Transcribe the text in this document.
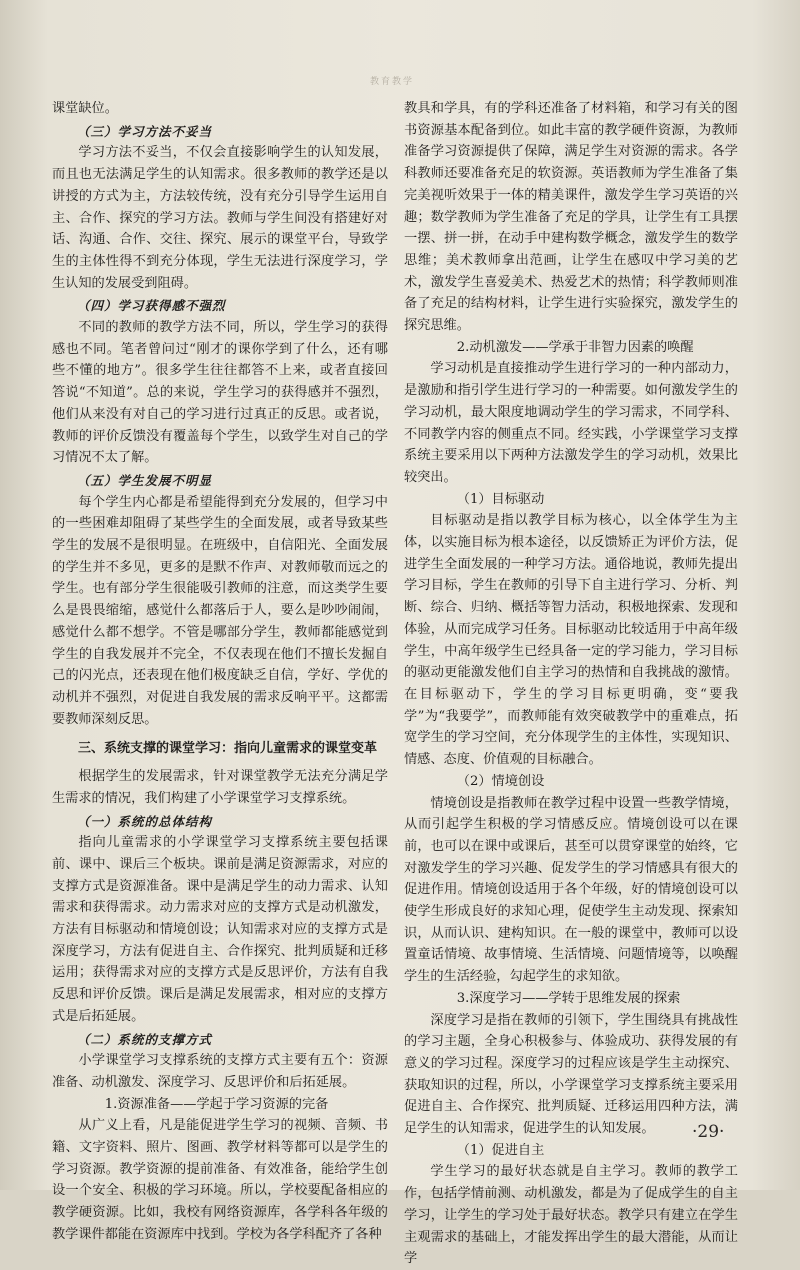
教育教学

课堂缺位。

（三）学习方法不妥当

学习方法不妥当，不仅会直接影响学生的认知发展，而且也无法满足学生的认知需求。很多教师的教学还是以讲授的方式为主，方法较传统，没有充分引导学生运用自主、合作、探究的学习方法。教师与学生间没有搭建好对话、沟通、合作、交往、探究、展示的课堂平台，导致学生的主体性得不到充分体现，学生无法进行深度学习，学生认知的发展受到阻碍。

（四）学习获得感不强烈

不同的教师的教学方法不同，所以，学生学习的获得感也不同。笔者曾问过“刚才的课你学到了什么，还有哪些不懂的地方”。很多学生往往都答不上来，或者直接回答说“不知道”。总的来说，学生学习的获得感并不强烈，他们从来没有对自己的学习进行过真正的反思。或者说，教师的评价反馈没有覆盖每个学生，以致学生对自己的学习情况不太了解。

（五）学生发展不明显

每个学生内心都是希望能得到充分发展的，但学习中的一些困难却阻碍了某些学生的全面发展，或者导致某些学生的发展不是很明显。在班级中，自信阳光、全面发展的学生并不多见，更多的是默不作声、对教师敬而远之的学生。也有部分学生很能吸引教师的注意，而这类学生要么是畏畏缩缩，感觉什么都落后于人，要么是吵吵闹闹，感觉什么都不想学。不管是哪部分学生，教师都能感觉到学生的自我发展并不完全，不仅表现在他们不擅长发掘自己的闪光点，还表现在他们极度缺乏自信，学好、学优的动机并不强烈，对促进自我发展的需求反响平平。这都需要教师深刻反思。

三、系统支撑的课堂学习：指向儿童需求的课堂变革

根据学生的发展需求，针对课堂教学无法充分满足学生需求的情况，我们构建了小学课堂学习支撑系统。

（一）系统的总体结构

指向儿童需求的小学课堂学习支撑系统主要包括课前、课中、课后三个板块。课前是满足资源需求，对应的支撑方式是资源准备。课中是满足学生的动力需求、认知需求和获得需求。动力需求对应的支撑方式是动机激发，方法有目标驱动和情境创设；认知需求对应的支撑方式是深度学习，方法有促进自主、合作探究、批判质疑和迁移运用；获得需求对应的支撑方式是反思评价，方法有自我反思和评价反馈。课后是满足发展需求，相对应的支撑方式是后拓延展。

（二）系统的支撑方式

小学课堂学习支撑系统的支撑方式主要有五个：资源准备、动机激发、深度学习、反思评价和后拓延展。

1.资源准备——学起于学习资源的完备

从广义上看，凡是能促进学生学习的视频、音频、书籍、文字资料、照片、图画、教学材料等都可以是学生的学习资源。教学资源的提前准备、有效准备，能给学生创设一个安全、积极的学习环境。所以，学校要配备相应的教学硬资源。比如，我校有网络资源库，各学科各年级的教学课件都能在资源库中找到。学校为各学科配齐了各种

教具和学具，有的学科还准备了材料箱，和学习有关的图书资源基本配备到位。如此丰富的教学硬件资源，为教师准备学习资源提供了保障，满足学生对资源的需求。各学科教师还要准备充足的软资源。英语教师为学生准备了集完美视听效果于一体的精美课件，激发学生学习英语的兴趣；数学教师为学生准备了充足的学具，让学生有工具摆一摆、拼一拼，在动手中建构数学概念，激发学生的数学思维；美术教师拿出范画，让学生在感叹中学习美的艺术，激发学生喜爱美术、热爱艺术的热情；科学教师则准备了充足的结构材料，让学生进行实验探究，激发学生的探究思维。

2.动机激发——学承于非智力因素的唤醒

学习动机是直接推动学生进行学习的一种内部动力，是激励和指引学生进行学习的一种需要。如何激发学生的学习动机，最大限度地调动学生的学习需求，不同学科、不同教学内容的侧重点不同。经实践，小学课堂学习支撑系统主要采用以下两种方法激发学生的学习动机，效果比较突出。

（1）目标驱动

目标驱动是指以教学目标为核心，以全体学生为主体，以实施目标为根本途径，以反馈矫正为评价方法，促进学生全面发展的一种学习方法。通俗地说，教师先提出学习目标，学生在教师的引导下自主进行学习、分析、判断、综合、归纳、概括等智力活动，积极地探索、发现和体验，从而完成学习任务。目标驱动比较适用于中高年级学生，中高年级学生已经具备一定的学习能力，学习目标的驱动更能激发他们自主学习的热情和自我挑战的激情。在目标驱动下，学生的学习目标更明确，变“要我学”为“我要学”，而教师能有效突破教学中的重难点，拓宽学生的学习空间，充分体现学生的主体性，实现知识、情感、态度、价值观的目标融合。

（2）情境创设

情境创设是指教师在教学过程中设置一些教学情境，从而引起学生积极的学习情感反应。情境创设可以在课前，也可以在课中或课后，甚至可以贯穿课堂的始终，它对激发学生的学习兴趣、促发学生的学习情感具有很大的促进作用。情境创设适用于各个年级，好的情境创设可以使学生形成良好的求知心理，促使学生主动发现、探索知识，从而认识、建构知识。在一般的课堂中，教师可以设置童话情境、故事情境、生活情境、问题情境等，以唤醒学生的生活经验，勾起学生的求知欲。

3.深度学习——学转于思维发展的探索

深度学习是指在教师的引领下，学生围绕具有挑战性的学习主题，全身心积极参与、体验成功、获得发展的有意义的学习过程。深度学习的过程应该是学生主动探究、获取知识的过程，所以，小学课堂学习支撑系统主要采用促进自主、合作探究、批判质疑、迁移运用四种方法，满足学生的认知需求，促进学生的认知发展。

（1）促进自主

学生学习的最好状态就是自主学习。教师的教学工作，包括学情前测、动机激发，都是为了促成学生的自主学习，让学生的学习处于最好状态。教学只有建立在学生主观需求的基础上，才能发挥出学生的最大潜能，从而让学

·29·
